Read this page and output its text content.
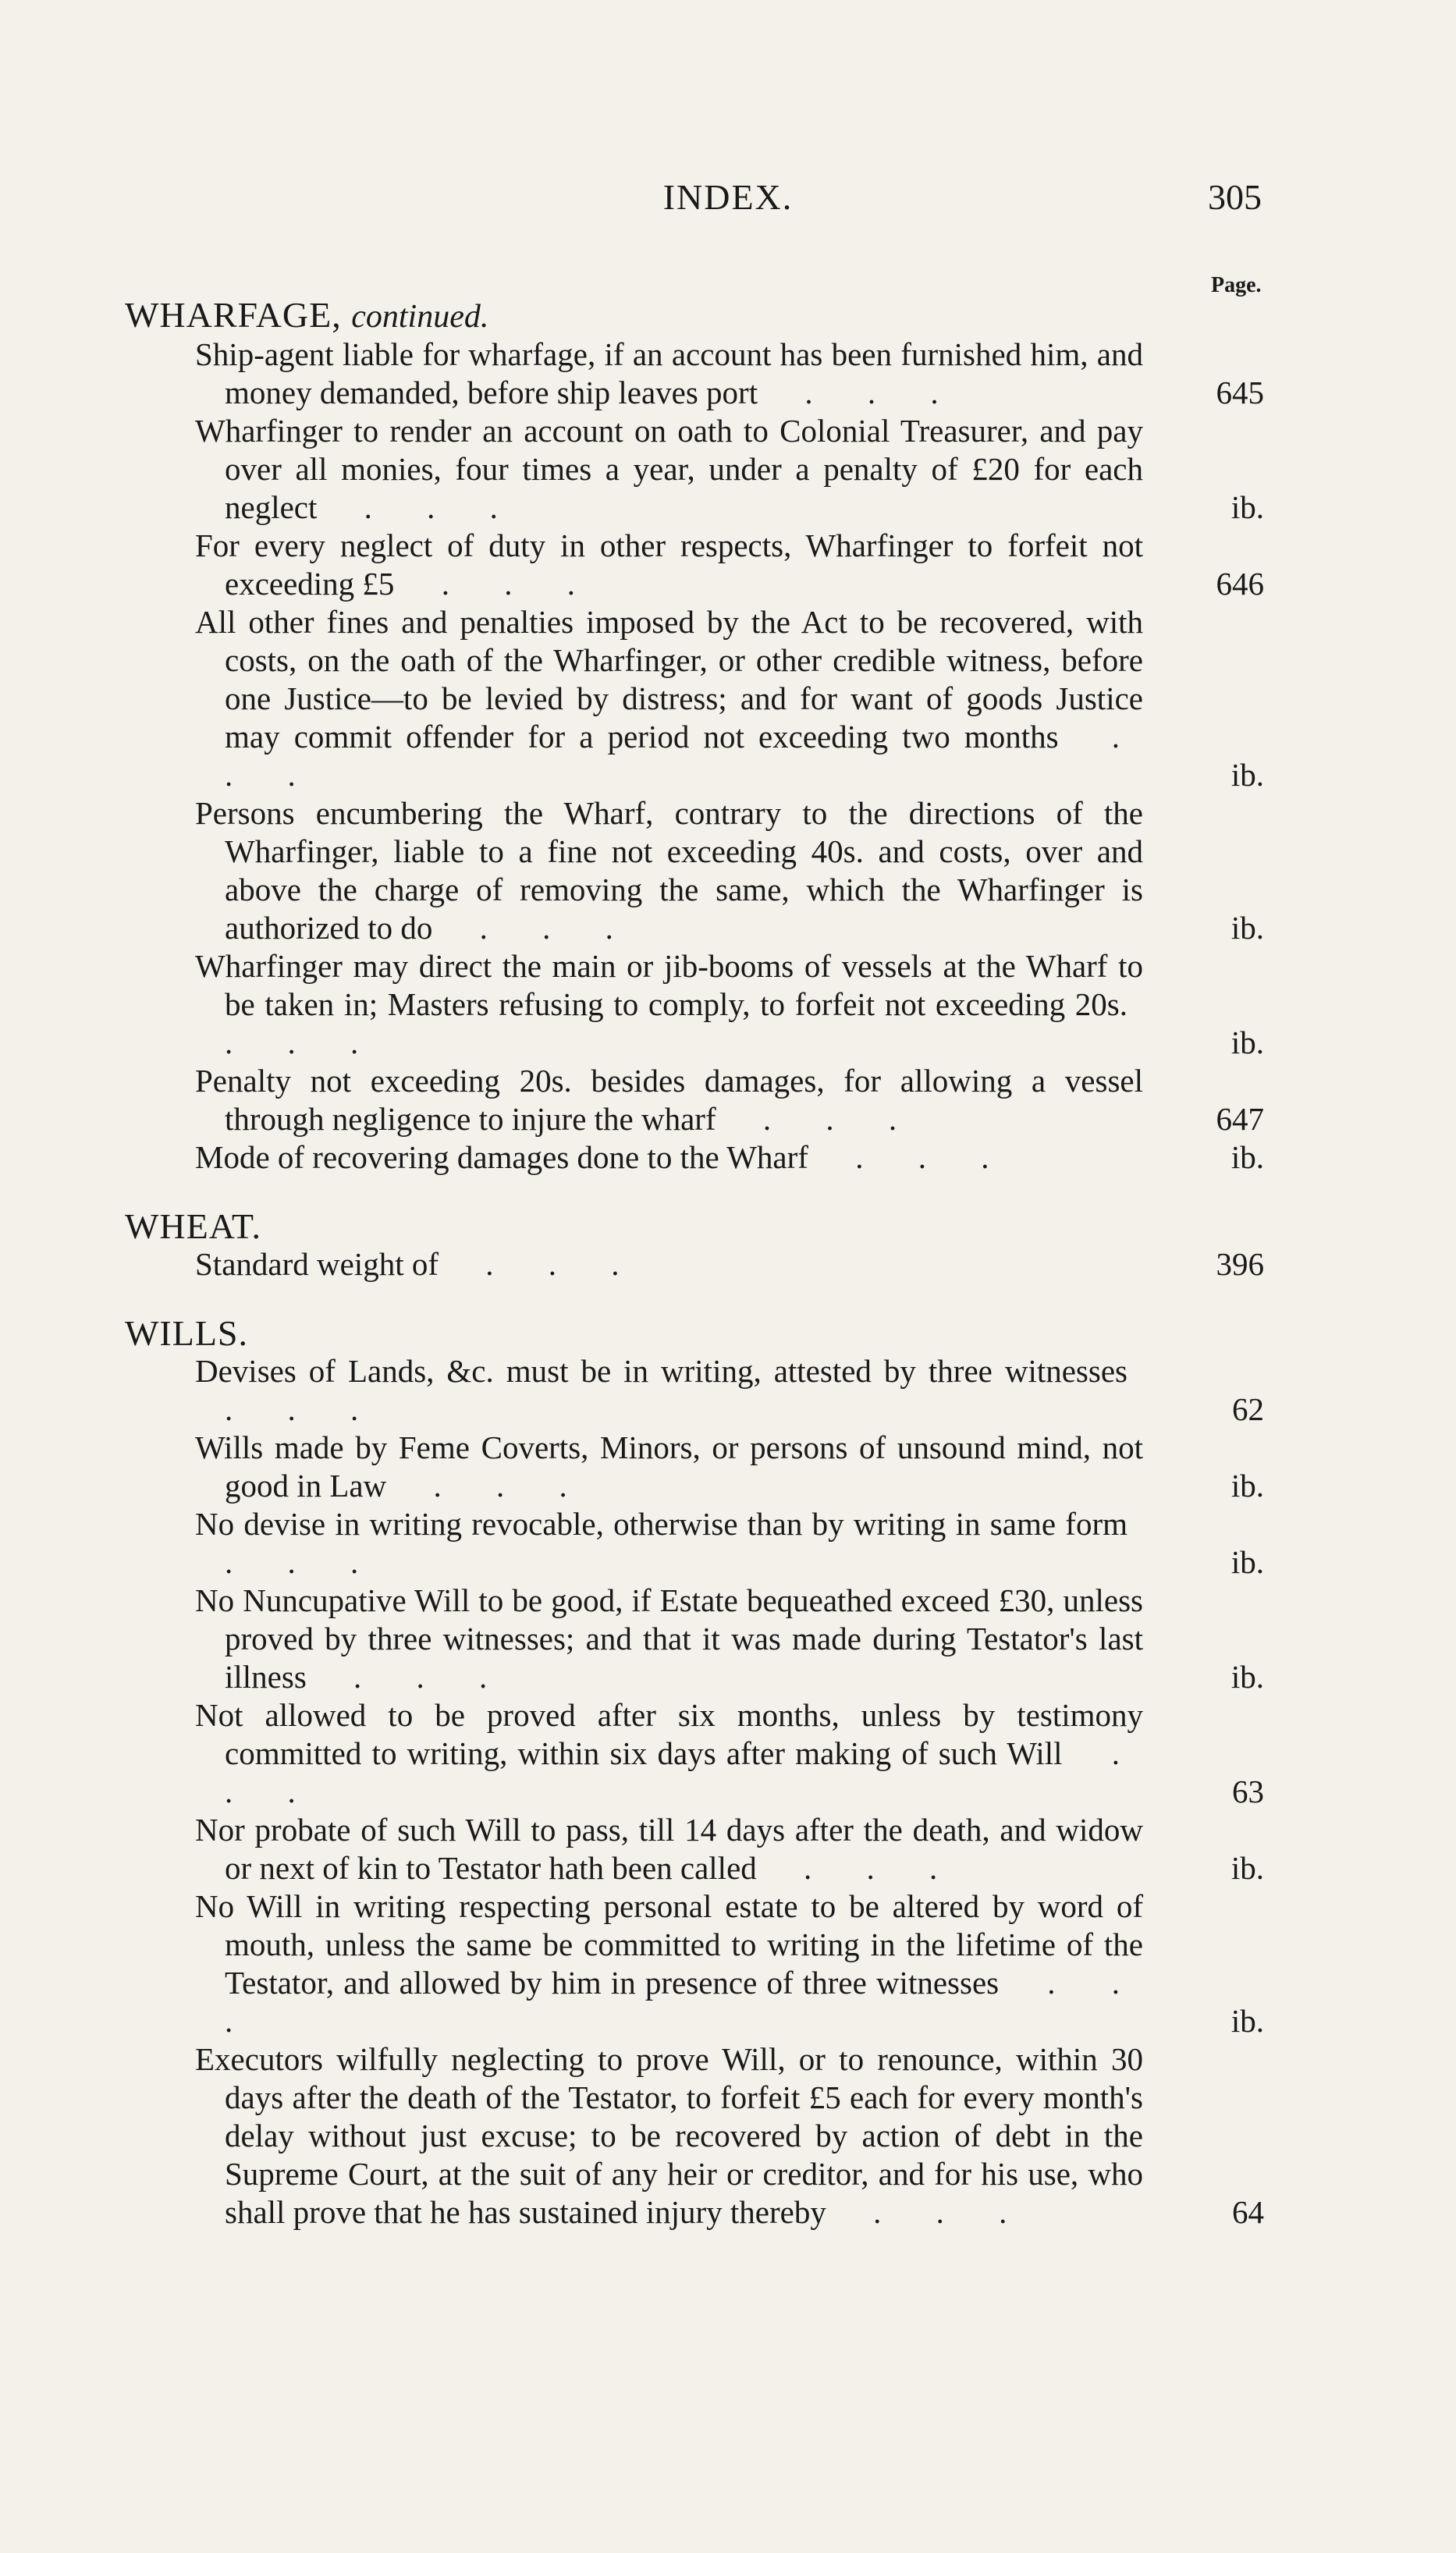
INDEX.	305
Page.
WHARFAGE, continued.
Ship-agent liable for wharfage, if an account has been furnished him, and money demanded, before ship leaves port . . .	645
Wharfinger to render an account on oath to Colonial Treasurer, and pay over all monies, four times a year, under a penalty of £20 for each neglect . . .	ib.
For every neglect of duty in other respects, Wharfinger to forfeit not exceeding £5 . . .	646
All other fines and penalties imposed by the Act to be recovered, with costs, on the oath of the Wharfinger, or other credible witness, before one Justice—to be levied by distress; and for want of goods Justice may commit offender for a period not exceeding two months . . .	ib.
Persons encumbering the Wharf, contrary to the directions of the Wharfinger, liable to a fine not exceeding 40s. and costs, over and above the charge of removing the same, which the Wharfinger is authorized to do . . .	ib.
Wharfinger may direct the main or jib-booms of vessels at the Wharf to be taken in; Masters refusing to comply, to forfeit not exceeding 20s. . . .	ib.
Penalty not exceeding 20s. besides damages, for allowing a vessel through negligence to injure the wharf . . .	647
Mode of recovering damages done to the Wharf . . .	ib.
WHEAT.
Standard weight of . . .	396
WILLS.
Devises of Lands, &c. must be in writing, attested by three witnesses . . .	62
Wills made by Feme Coverts, Minors, or persons of unsound mind, not good in Law . . .	ib.
No devise in writing revocable, otherwise than by writing in same form . . .	ib.
No Nuncupative Will to be good, if Estate bequeathed exceed £30, unless proved by three witnesses; and that it was made during Testator's last illness . . .	ib.
Not allowed to be proved after six months, unless by testimony committed to writing, within six days after making of such Will . . .	63
Nor probate of such Will to pass, till 14 days after the death, and widow or next of kin to Testator hath been called . . .	ib.
No Will in writing respecting personal estate to be altered by word of mouth, unless the same be committed to writing in the lifetime of the Testator, and allowed by him in presence of three witnesses . . .	ib.
Executors wilfully neglecting to prove Will, or to renounce, within 30 days after the death of the Testator, to forfeit £5 each for every month's delay without just excuse; to be recovered by action of debt in the Supreme Court, at the suit of any heir or creditor, and for his use, who shall prove that he has sustained injury thereby . . .	64
